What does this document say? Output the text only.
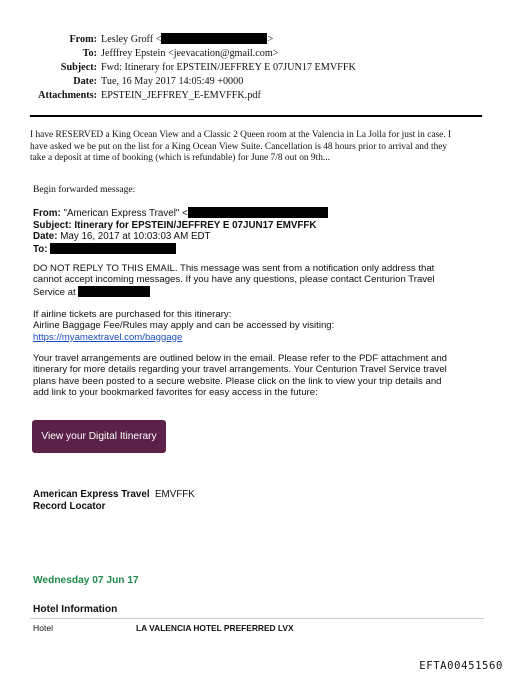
From: Lesley Groff <	>
To: Jefffrey Epstein <jeevacation@gmail.com>
Subject: Fwd: Itinerary for EPSTEIN/JEFFREY E 07JUN17 EMVFFK
Date: Tue, 16 May 2017 14:05:49 +0000
Attachments: EPSTEIN_JEFFREY_E-EMVFFK.pdf
I have RESERVED a King Ocean View and a Classic 2 Queen room at the Valencia in La Jolla for just in case. I
have asked we be put on the list for a King Ocean View Suite. Cancellation is 48 hours prior to arrival and they
take a deposit at time of booking (which is refundable) for June 7/8 out on 9th...
Begin forwarded message:
From: "American Express Travel" <
Subject: Itinerary for EPSTEIN/JEFFREY E 07JUN17 EMVFFK
Date: May 16, 2017 at 10:03:03 AM EDT
To:
DO NOT REPLY TO THIS EMAIL. This message was sent from a notification only address that
cannot accept incoming messages. If you have any questions, please contact Centurion Travel
Service at
If airline tickets are purchased for this itinerary:
Airline Baggage Fee/Rules may apply and can be accessed by visiting:
https://myamextravel.com/baggage
Your travel arrangements are outlined below in the email. Please refer to the PDF attachment and
itinerary for more details regarding your travel arrangements. Your Centurion Travel Service travel
plans have been posted to a secure website. Please click on the link to view your trip details and
add link to your bookmarked favorites for easy access in the future:
View your Digital Itinerary
American Express Travel EMVFFK
Record Locator
Wednesday 07 Jun 17
Hotel Information
Hotel	LA VALENCIA HOTEL PREFERRED LVX
EFTA00451560
